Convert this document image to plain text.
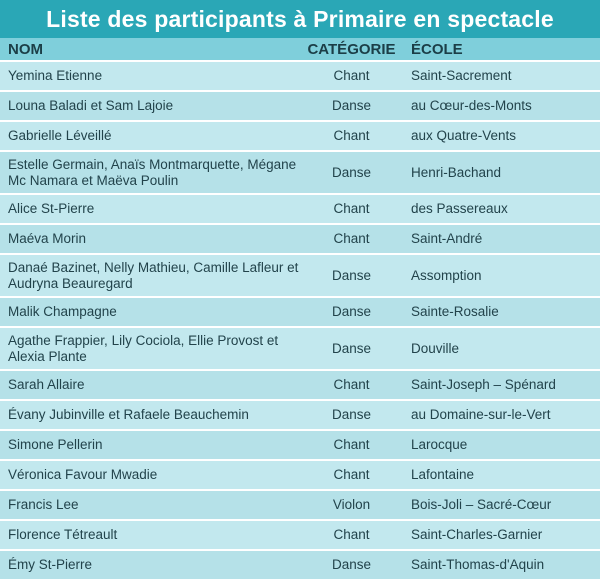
Liste des participants à Primaire en spectacle
NOM	CATÉGORIE	ÉCOLE
Yemina Etienne	Chant	Saint-Sacrement
Louna Baladi et Sam Lajoie	Danse	au Cœur-des-Monts
Gabrielle Léveillé	Chant	aux Quatre-Vents
Estelle Germain, Anaïs Montmarquette, Mégane Mc Namara et Maëva Poulin	Danse	Henri-Bachand
Alice St-Pierre	Chant	des Passereaux
Maéva Morin	Chant	Saint-André
Danaé Bazinet, Nelly Mathieu, Camille Lafleur et Audryna Beauregard	Danse	Assomption
Malik Champagne	Danse	Sainte-Rosalie
Agathe Frappier, Lily Cociola, Ellie Provost et Alexia Plante	Danse	Douville
Sarah Allaire	Chant	Saint-Joseph – Spénard
Évany Jubinville et Rafaele Beauchemin	Danse	au Domaine-sur-le-Vert
Simone Pellerin	Chant	Larocque
Véronica Favour Mwadie	Chant	Lafontaine
Francis Lee	Violon	Bois-Joli – Sacré-Cœur
Florence Tétreault	Chant	Saint-Charles-Garnier
Émy St-Pierre	Danse	Saint-Thomas-d'Aquin
